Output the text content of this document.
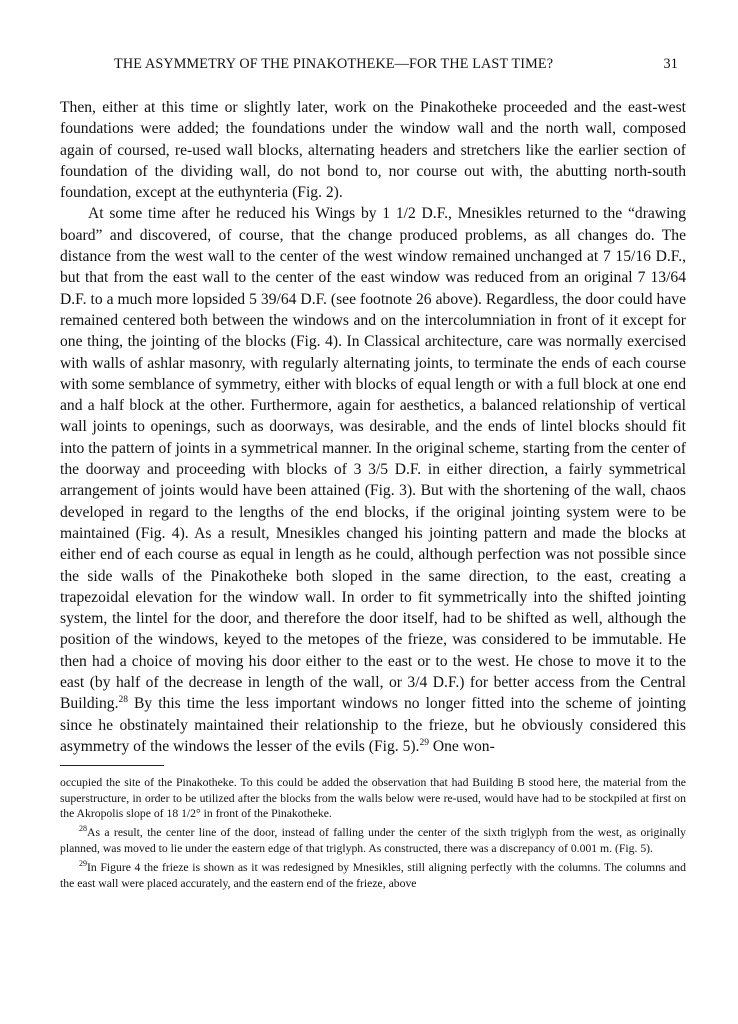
THE ASYMMETRY OF THE PINAKOTHEKE—FOR THE LAST TIME?	31

Then, either at this time or slightly later, work on the Pinakotheke proceeded and the east-west foundations were added; the foundations under the window wall and the north wall, composed again of coursed, re-used wall blocks, alternating headers and stretchers like the earlier section of foundation of the dividing wall, do not bond to, nor course out with, the abutting north-south foundation, except at the euthynteria (Fig. 2).

At some time after he reduced his Wings by 1 1/2 D.F., Mnesikles returned to the “drawing board” and discovered, of course, that the change produced problems, as all changes do. The distance from the west wall to the center of the west window remained unchanged at 7 15/16 D.F., but that from the east wall to the center of the east window was reduced from an original 7 13/64 D.F. to a much more lopsided 5 39/64 D.F. (see footnote 26 above). Regardless, the door could have remained centered both between the windows and on the intercolumniation in front of it except for one thing, the jointing of the blocks (Fig. 4). In Classical architecture, care was normally exercised with walls of ashlar masonry, with regularly alternating joints, to terminate the ends of each course with some semblance of symmetry, either with blocks of equal length or with a full block at one end and a half block at the other. Furthermore, again for aesthetics, a balanced relationship of vertical wall joints to openings, such as doorways, was desirable, and the ends of lintel blocks should fit into the pattern of joints in a symmetrical manner. In the original scheme, starting from the center of the doorway and proceeding with blocks of 3 3/5 D.F. in either direction, a fairly symmetrical arrangement of joints would have been attained (Fig. 3). But with the shortening of the wall, chaos developed in regard to the lengths of the end blocks, if the original jointing system were to be maintained (Fig. 4). As a result, Mnesikles changed his jointing pattern and made the blocks at either end of each course as equal in length as he could, although perfection was not possible since the side walls of the Pinakotheke both sloped in the same direction, to the east, creating a trapezoidal elevation for the window wall. In order to fit symmetrically into the shifted jointing system, the lintel for the door, and therefore the door itself, had to be shifted as well, although the position of the windows, keyed to the metopes of the frieze, was considered to be immutable. He then had a choice of moving his door either to the east or to the west. He chose to move it to the east (by half of the decrease in length of the wall, or 3/4 D.F.) for better access from the Central Building.$^{28}$ By this time the less important windows no longer fitted into the scheme of jointing since he obstinately maintained their relationship to the frieze, but he obviously considered this asymmetry of the windows the lesser of the evils (Fig. 5).$^{29}$ One won-

occupied the site of the Pinakotheke. To this could be added the observation that had Building B stood here, the material from the superstructure, in order to be utilized after the blocks from the walls below were re-used, would have had to be stockpiled at first on the Akropolis slope of 18 1/2° in front of the Pinakotheke.

$^{28}$As a result, the center line of the door, instead of falling under the center of the sixth triglyph from the west, as originally planned, was moved to lie under the eastern edge of that triglyph. As constructed, there was a discrepancy of 0.001 m. (Fig. 5).

$^{29}$In Figure 4 the frieze is shown as it was redesigned by Mnesikles, still aligning perfectly with the columns. The columns and the east wall were placed accurately, and the eastern end of the frieze, above
